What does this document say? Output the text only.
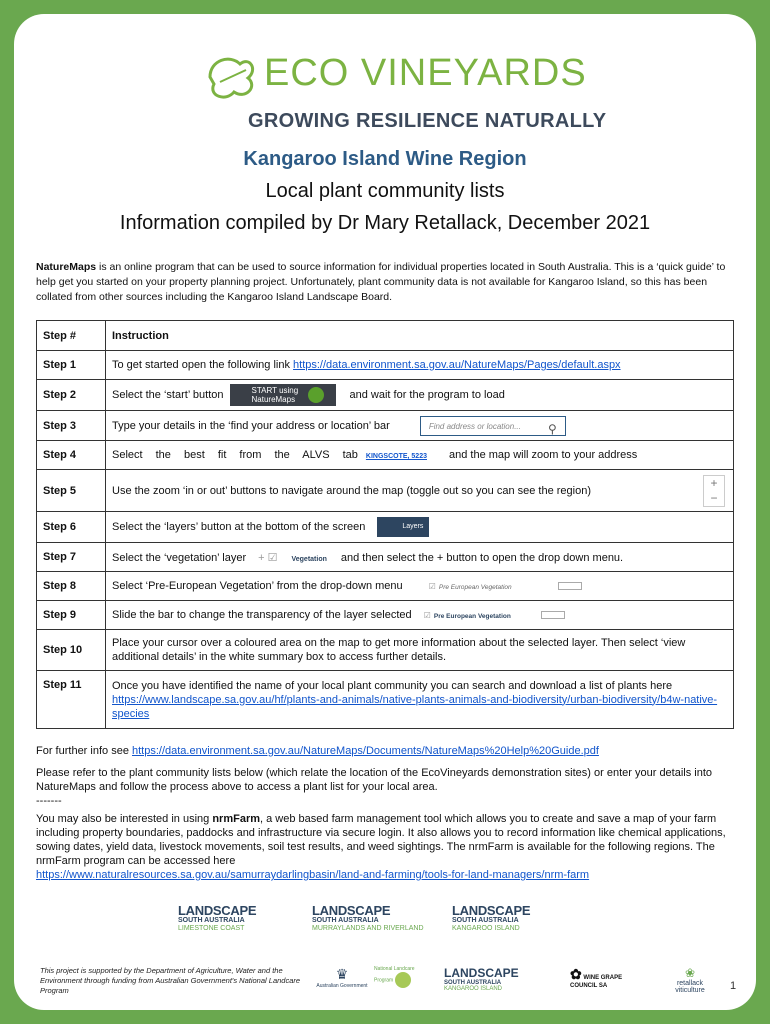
ECO VINEYARDS
GROWING RESILIENCE NATURALLY
Kangaroo Island Wine Region
Local plant community lists
Information compiled by Dr Mary Retallack, December 2021
NatureMaps is an online program that can be used to source information for individual properties located in South Australia. This is a ‘quick guide’ to help get you started on your property planning project. Unfortunately, plant community data is not available for Kangaroo Island, so this has been collated from other sources including the Kangaroo Island Landscape Board.
Step #	Instruction
Step 1	To get started open the following link https://data.environment.sa.gov.au/NatureMaps/Pages/default.aspx
Step 2	Select the ‘start’ button START using
NatureMaps and wait for the program to load
Step 3	Type your details in the ‘find your address or location’ bar Find address or location... ⚲

Step 4	Select the best fit from the ALVS tab KINGSCOTE, 5223 and the map will zoom to your address
Step 5	Use the zoom ‘in or out’ buttons to navigate around the map (toggle out so you can see the region)
+
−

Step 6	Select the ‘layers’ button at the bottom of the screen Layers
Step 7	Select the ‘vegetation’ layer + ☑ Vegetation and then select the + button to open the drop down menu.
Step 8	Select ‘Pre-European Vegetation’ from the drop-down menu ☑ Pre European Vegetation
Step 9	Slide the bar to change the transparency of the layer selected ☑ Pre European Vegetation
Step 10	Place your cursor over a coloured area on the map to get more information about the selected layer. Then select ‘view additional details’ in the white summary box to access further details.
Step 11	Once you have identified the name of your local plant community you can search and download a list of plants here https://www.landscape.sa.gov.au/hf/plants-and-animals/native-plants-animals-and-biodiversity/urban-biodiversity/b4w-native-species
For further info see https://data.environment.sa.gov.au/NatureMaps/Documents/NatureMaps%20Help%20Guide.pdf
Please refer to the plant community lists below (which relate the location of the EcoVineyards demonstration sites) or enter your details into NatureMaps and follow the process above to access a plant list for your local area.
-------
You may also be interested in using nrmFarm, a web based farm management tool which allows you to create and save a map of your farm including property boundaries, paddocks and infrastructure via secure login. It also allows you to record information like chemical applications, sowing dates, yield data, livestock movements, soil test results, and weed sightings. The nrmFarm is available for the following regions. The nrmFarm program can be accessed here
https://www.naturalresources.sa.gov.au/samurraydarlingbasin/land-and-farming/tools-for-land-managers/nrm-farm
LANDSCAPE
SOUTH AUSTRALIA
LIMESTONE COAST
LANDSCAPE
SOUTH AUSTRALIA
MURRAYLANDS AND RIVERLAND
LANDSCAPE
SOUTH AUSTRALIA
KANGAROO ISLAND
This project is supported by the Department of Agriculture, Water and the Environment through funding from Australian Government's National Landcare Program
♛
Australian Government
National Landcare Program
LANDSCAPE
SOUTH AUSTRALIA
KANGAROO ISLAND
✿ WINE GRAPE COUNCIL SA
❀
retallack viticulture	1
